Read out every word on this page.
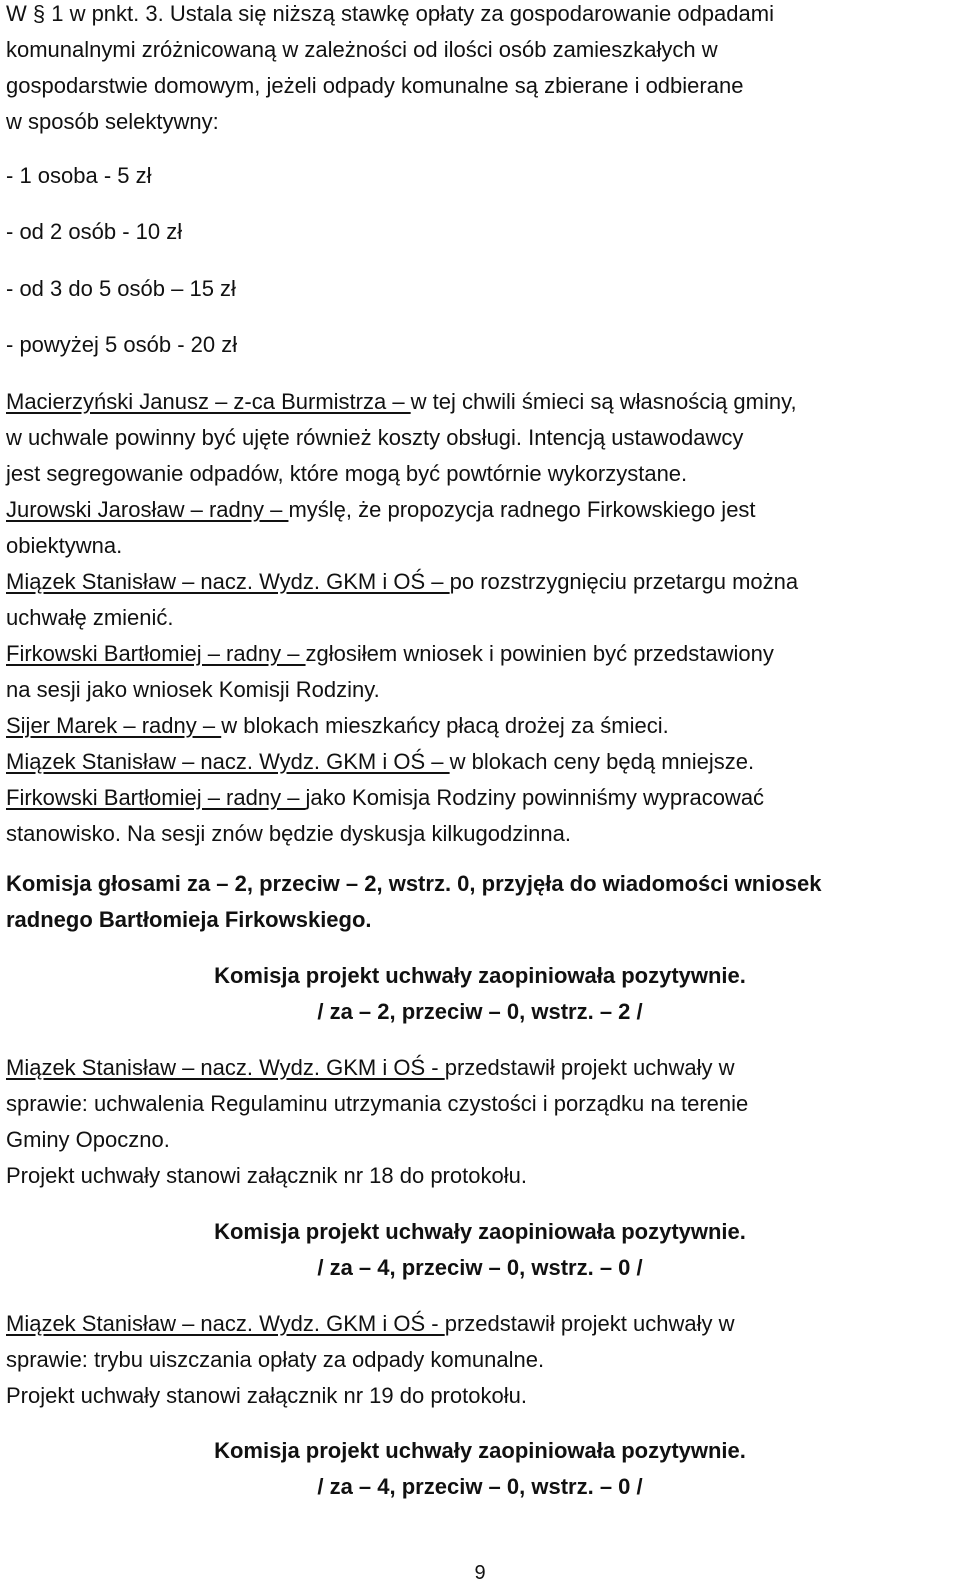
W § 1 w pnkt. 3. Ustala się niższą stawkę opłaty za gospodarowanie odpadami

komunalnymi zróżnicowaną w zależności od ilości osób zamieszkałych w

gospodarstwie domowym, jeżeli odpady komunalne są zbierane i odbierane

w sposób selektywny:

- 1 osoba - 5 zł

- od 2 osób - 10 zł

- od 3 do 5 osób – 15 zł

- powyżej 5 osób - 20 zł

Macierzyński Janusz – z-ca Burmistrza – w tej chwili śmieci są własnością gminy,

w uchwale powinny być ujęte również koszty obsługi. Intencją ustawodawcy

jest segregowanie odpadów, które mogą być powtórnie wykorzystane.

Jurowski Jarosław – radny – myślę, że propozycja radnego Firkowskiego jest

obiektywna.

Miązek Stanisław – nacz. Wydz. GKM i OŚ – po rozstrzygnięciu przetargu można

uchwałę zmienić.

Firkowski Bartłomiej – radny – zgłosiłem wniosek i powinien być przedstawiony

na sesji jako wniosek Komisji Rodziny.

Sijer Marek – radny – w blokach mieszkańcy płacą drożej za śmieci.

Miązek Stanisław – nacz. Wydz. GKM i OŚ – w blokach ceny będą mniejsze.

Firkowski Bartłomiej – radny – jako Komisja Rodziny powinniśmy wypracować

stanowisko. Na sesji znów będzie dyskusja kilkugodzinna.

Komisja głosami za – 2, przeciw – 2, wstrz. 0, przyjęła do wiadomości wniosek

radnego Bartłomieja Firkowskiego.

Komisja projekt uchwały zaopiniowała pozytywnie.

/ za – 2, przeciw – 0, wstrz. – 2 /

Miązek Stanisław – nacz. Wydz. GKM i OŚ - przedstawił projekt uchwały w

sprawie: uchwalenia Regulaminu utrzymania czystości i porządku na terenie

Gminy Opoczno.

Projekt uchwały stanowi załącznik nr 18 do protokołu.

Komisja projekt uchwały zaopiniowała pozytywnie.

/ za – 4, przeciw – 0, wstrz. – 0 /

Miązek Stanisław – nacz. Wydz. GKM i OŚ - przedstawił projekt uchwały w

sprawie: trybu uiszczania opłaty za odpady komunalne.

Projekt uchwały stanowi załącznik nr 19 do protokołu.

Komisja projekt uchwały zaopiniowała pozytywnie.

/ za – 4, przeciw – 0, wstrz. – 0 /

9
